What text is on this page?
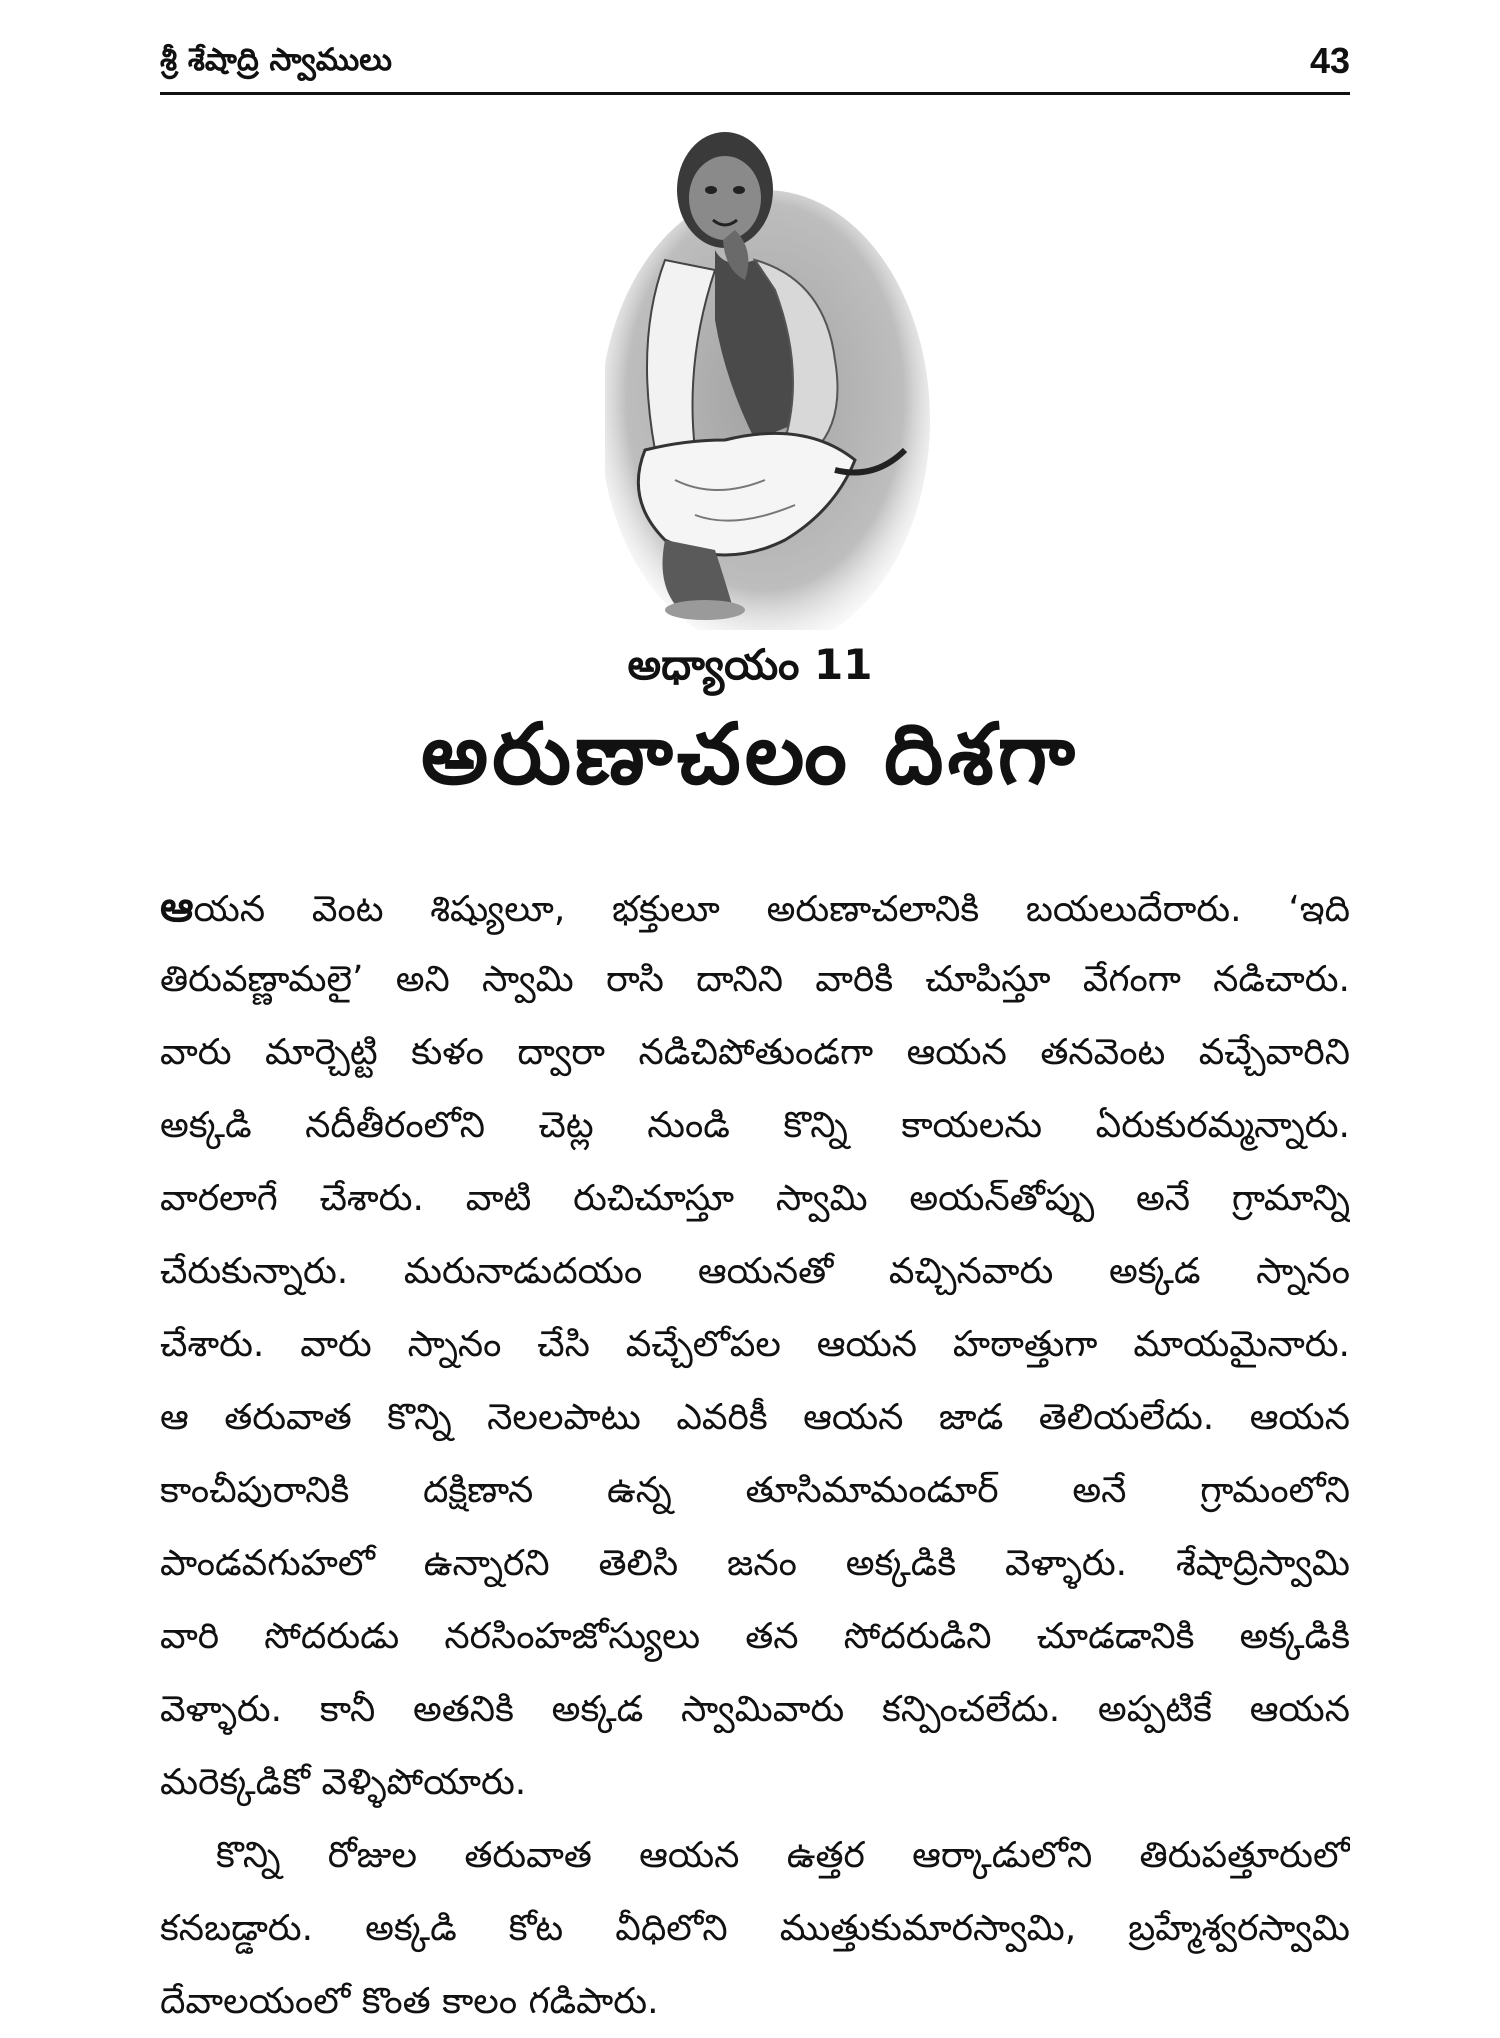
శ్రీ శేషాద్రి స్వాములు	43
అధ్యాయం 11
అరుణాచలం దిశగా
ఆయన వెంట శిష్యులూ, భక్తులూ అరుణాచలానికి బయలుదేరారు. ‘ఇది
తిరువణ్ణామలై’ అని స్వామి రాసి దానిని వారికి చూపిస్తూ వేగంగా నడిచారు.
వారు మార్చెట్టి కుళం ద్వారా నడిచిపోతుండగా ఆయన తనవెంట వచ్చేవారిని
అక్కడి నదీతీరంలోని చెట్ల నుండి కొన్ని కాయలను ఏరుకురమ్మన్నారు.
వారలాగే చేశారు. వాటి రుచిచూస్తూ స్వామి అయన్‌తోప్పు అనే గ్రామాన్ని
చేరుకున్నారు. మరునాడుదయం ఆయనతో వచ్చినవారు అక్కడ స్నానం
చేశారు. వారు స్నానం చేసి వచ్చేలోపల ఆయన హఠాత్తుగా మాయమైనారు.
ఆ తరువాత కొన్ని నెలలపాటు ఎవరికీ ఆయన జాడ తెలియలేదు. ఆయన
కాంచీపురానికి దక్షిణాన ఉన్న తూసిమామండూర్ అనే గ్రామంలోని
పాండవగుహలో ఉన్నారని తెలిసి జనం అక్కడికి వెళ్ళారు. శేషాద్రిస్వామి
వారి సోదరుడు నరసింహజోస్యులు తన సోదరుడిని చూడడానికి అక్కడికి
వెళ్ళారు. కానీ అతనికి అక్కడ స్వామివారు కన్పించలేదు. అప్పటికే ఆయన
మరెక్కడికో వెళ్ళిపోయారు.
కొన్ని రోజుల తరువాత ఆయన ఉత్తర ఆర్కాడులోని తిరుపత్తూరులో
కనబడ్డారు. అక్కడి కోట వీధిలోని ముత్తుకుమారస్వామి, బ్రహ్మేశ్వరస్వామి
దేవాలయంలో కొంత కాలం గడిపారు.
